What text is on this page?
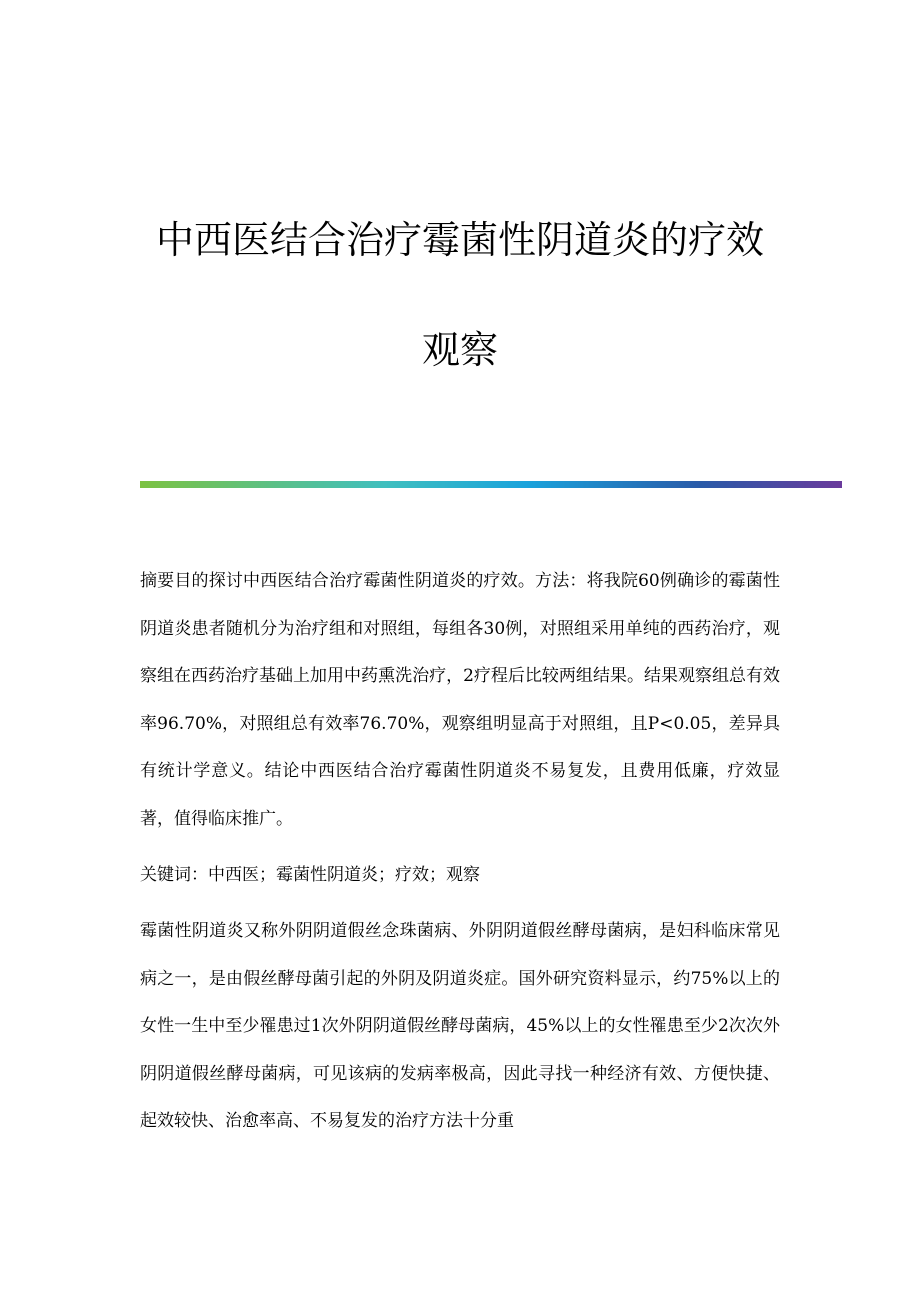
中西医结合治疗霉菌性阴道炎的疗效观察
摘要目的探讨中西医结合治疗霉菌性阴道炎的疗效。方法：将我院60例确诊的霉菌性阴道炎患者随机分为治疗组和对照组，每组各30例，对照组采用单纯的西药治疗，观察组在西药治疗基础上加用中药熏洗治疗，2疗程后比较两组结果。结果观察组总有效率96.70%，对照组总有效率76.70%，观察组明显高于对照组，且P<0.05，差异具有统计学意义。结论中西医结合治疗霉菌性阴道炎不易复发，且费用低廉，疗效显著，值得临床推广。
关键词：中西医；霉菌性阴道炎；疗效；观察
霉菌性阴道炎又称外阴阴道假丝念珠菌病、外阴阴道假丝酵母菌病，是妇科临床常见病之一，是由假丝酵母菌引起的外阴及阴道炎症。国外研究资料显示，约75%以上的女性一生中至少罹患过1次外阴阴道假丝酵母菌病，45%以上的女性罹患至少2次次外阴阴道假丝酵母菌病，可见该病的发病率极高，因此寻找一种经济有效、方便快捷、起效较快、治愈率高、不易复发的治疗方法十分重
